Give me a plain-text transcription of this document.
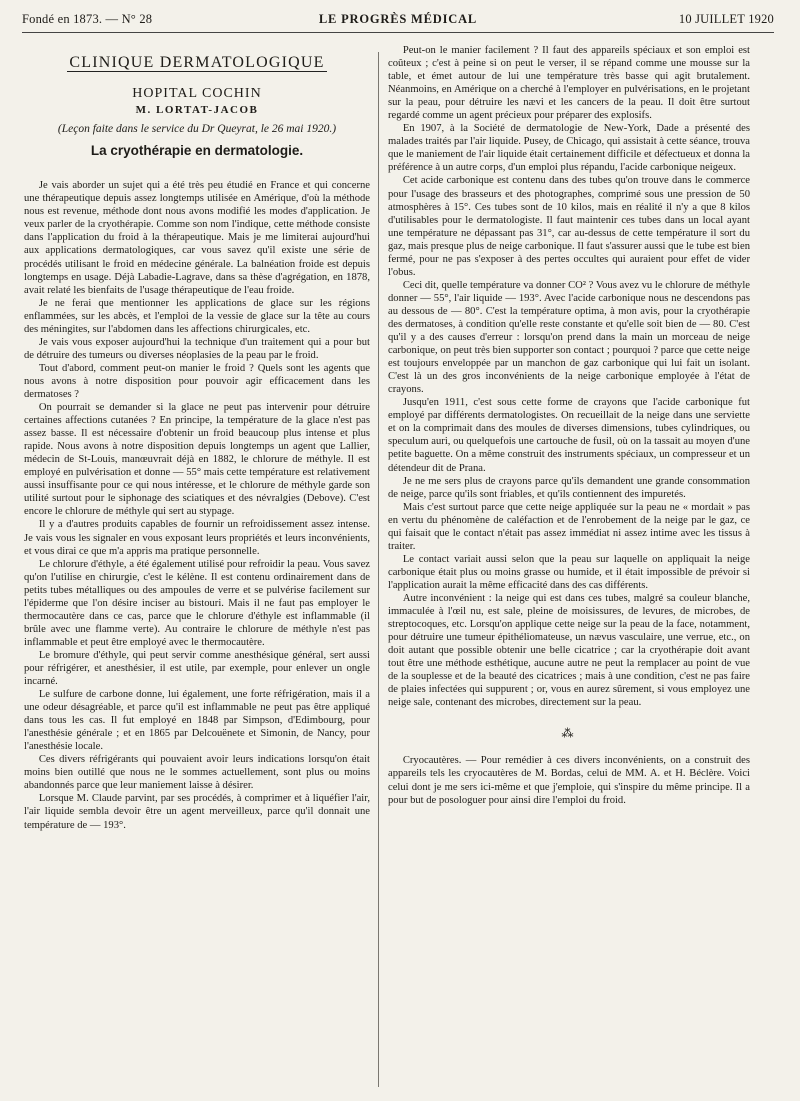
Fondé en 1873. — N° 28	LE PROGRÈS MÉDICAL	10 JUILLET 1920
CLINIQUE DERMATOLOGIQUE
HOPITAL COCHIN
M. LORTAT-JACOB
(Leçon faite dans le service du Dr Queyrat, le 26 mai 1920.)
La cryothérapie en dermatologie.

Je vais aborder un sujet qui a été très peu étudié en France et qui concerne une thérapeutique depuis assez longtemps utilisée en Amérique, d'où la méthode nous est revenue, méthode dont nous avons modifié les modes d'application. Je veux parler de la cryothérapie. Comme son nom l'indique, cette méthode consiste dans l'application du froid à la thérapeutique. Mais je me limiterai aujourd'hui aux applications dermatologiques, car vous savez qu'il existe une série de procédés utilisant le froid en médecine générale. La balnéation froide est depuis longtemps en usage. Déjà Labadie-Lagrave, dans sa thèse d'agrégation, en 1878, avait relaté les bienfaits de l'usage thérapeutique de l'eau froide.

Je ne ferai que mentionner les applications de glace sur les régions enflammées, sur les abcès, et l'emploi de la vessie de glace sur la tête au cours des méningites, sur l'abdomen dans les affections chirurgicales, etc.

Je vais vous exposer aujourd'hui la technique d'un traitement qui a pour but de détruire des tumeurs ou diverses néoplasies de la peau par le froid.

Tout d'abord, comment peut-on manier le froid ? Quels sont les agents que nous avons à notre disposition pour pouvoir agir efficacement dans les dermatoses ?

On pourrait se demander si la glace ne peut pas intervenir pour détruire certaines affections cutanées ? En principe, la température de la glace n'est pas assez basse. Il est nécessaire d'obtenir un froid beaucoup plus intense et plus rapide. Nous avons à notre disposition depuis longtemps un agent que Lallier, médecin de St-Louis, manœuvrait déjà en 1882, le chlorure de méthyle. Il est employé en pulvérisation et donne — 55° mais cette température est relativement aussi insuffisante pour ce qui nous intéresse, et le chlorure de méthyle garde son utilité surtout pour le siphonage des sciatiques et des névralgies (Debove). C'est encore le chlorure de méthyle qui sert au stypage.

Il y a d'autres produits capables de fournir un refroidissement assez intense. Je vais vous les signaler en vous exposant leurs propriétés et leurs inconvénients, et vous dirai ce que m'a appris ma pratique personnelle.

Le chlorure d'éthyle, a été également utilisé pour refroidir la peau. Vous savez qu'on l'utilise en chirurgie, c'est le kélène. Il est contenu ordinairement dans de petits tubes métalliques ou des ampoules de verre et se pulvérise facilement sur l'épiderme que l'on désire inciser au bistouri. Mais il ne faut pas employer le thermocautère dans ce cas, parce que le chlorure d'éthyle est inflammable (il brûle avec une flamme verte). Au contraire le chlorure de méthyle n'est pas inflammable et peut être employé avec le thermocautère.

Le bromure d'éthyle, qui peut servir comme anesthésique général, sert aussi pour réfrigérer, et anesthésier, il est utile, par exemple, pour enlever un ongle incarné.

Le sulfure de carbone donne, lui également, une forte réfrigération, mais il a une odeur désagréable, et parce qu'il est inflammable ne peut pas être appliqué dans tous les cas. Il fut employé en 1848 par Simpson, d'Edimbourg, pour l'anesthésie générale ; et en 1865 par Delcouënete et Simonin, de Nancy, pour l'anesthésie locale.

Ces divers réfrigérants qui pouvaient avoir leurs indications lorsqu'on était moins bien outillé que nous ne le sommes actuellement, sont plus ou moins abandonnés parce que leur maniement laisse à désirer.

Lorsque M. Claude parvint, par ses procédés, à comprimer et à liquéfier l'air, l'air liquide sembla devoir être un agent merveilleux, parce qu'il donnait une température de — 193°.

Peut-on le manier facilement ? Il faut des appareils spéciaux et son emploi est coûteux ; c'est à peine si on peut le verser, il se répand comme une mousse sur la table, et émet autour de lui une température très basse qui agit brutalement. Néanmoins, en Amérique on a cherché à l'employer en pulvérisations, en le projetant sur la peau, pour détruire les nævi et les cancers de la peau. Il doit être surtout regardé comme un agent précieux pour préparer des explosifs.

En 1907, à la Société de dermatologie de New-York, Dade a présenté des malades traités par l'air liquide. Pusey, de Chicago, qui assistait à cette séance, trouva que le maniement de l'air liquide était certainement difficile et défectueux et donna la préférence à un autre corps, d'un emploi plus répandu, l'acide carbonique neigeux.

Cet acide carbonique est contenu dans des tubes qu'on trouve dans le commerce pour l'usage des brasseurs et des photographes, comprimé sous une pression de 50 atmosphères à 15°. Ces tubes sont de 10 kilos, mais en réalité il n'y a que 8 kilos d'utilisables pour le dermatologiste. Il faut maintenir ces tubes dans un local ayant une température ne dépassant pas 31°, car au-dessus de cette température il sort du gaz, mais presque plus de neige carbonique. Il faut s'assurer aussi que le tube est bien fermé, pour ne pas s'exposer à des pertes occultes qui auraient pour effet de vider l'obus.

Ceci dit, quelle température va donner CO² ? Vous avez vu le chlorure de méthyle donner — 55°, l'air liquide — 193°. Avec l'acide carbonique nous ne descendons pas au dessous de — 80°. C'est la température optima, à mon avis, pour la cryothérapie des dermatoses, à condition qu'elle reste constante et qu'elle soit bien de — 80. C'est qu'il y a des causes d'erreur : lorsqu'on prend dans la main un morceau de neige carbonique, on peut très bien supporter son contact ; pourquoi ? parce que cette neige est toujours enveloppée par un manchon de gaz carbonique qui lui fait un isolant. C'est là un des gros inconvénients de la neige carbonique employée à l'état de crayons.

Jusqu'en 1911, c'est sous cette forme de crayons que l'acide carbonique fut employé par différents dermatologistes. On recueillait de la neige dans une serviette et on la comprimait dans des moules de diverses dimensions, tubes cylindriques, ou speculum auri, ou quelquefois une cartouche de fusil, où on la tassait au moyen d'une petite baguette. On a même construit des instruments spéciaux, un compresseur et un détendeur dit de Prana.

Je ne me sers plus de crayons parce qu'ils demandent une grande consommation de neige, parce qu'ils sont friables, et qu'ils contiennent des impuretés.

Mais c'est surtout parce que cette neige appliquée sur la peau ne « mordait » pas en vertu du phénomène de caléfaction et de l'enrobement de la neige par le gaz, ce qui faisait que le contact n'était pas assez immédiat ni assez intime avec les tissus à traiter.

Le contact variait aussi selon que la peau sur laquelle on appliquait la neige carbonique était plus ou moins grasse ou humide, et il était impossible de prévoir si l'application aurait la même efficacité dans des cas différents.

Autre inconvénient : la neige qui est dans ces tubes, malgré sa couleur blanche, immaculée à l'œil nu, est sale, pleine de moisissures, de levures, de microbes, de streptocoques, etc. Lorsqu'on applique cette neige sur la peau de la face, notamment, pour détruire une tumeur épithéliomateuse, un nævus vasculaire, une verrue, etc., on doit autant que possible obtenir une belle cicatrice ; car la cryothérapie doit avant tout être une méthode esthétique, aucune autre ne peut la remplacer au point de vue de la souplesse et de la beauté des cicatrices ; mais à une condition, c'est ne pas faire de plaies infectées qui suppurent ; or, vous en aurez sûrement, si vous employez une neige sale, contenant des microbes, directement sur la peau.

⁂

Cryocautères. — Pour remédier à ces divers inconvénients, on a construit des appareils tels les cryocautères de M. Bordas, celui de MM. A. et H. Béclère. Voici celui dont je me sers ici-même et que j'emploie, qui s'inspire du même principe. Il a pour but de posologuer pour ainsi dire l'emploi du froid.
